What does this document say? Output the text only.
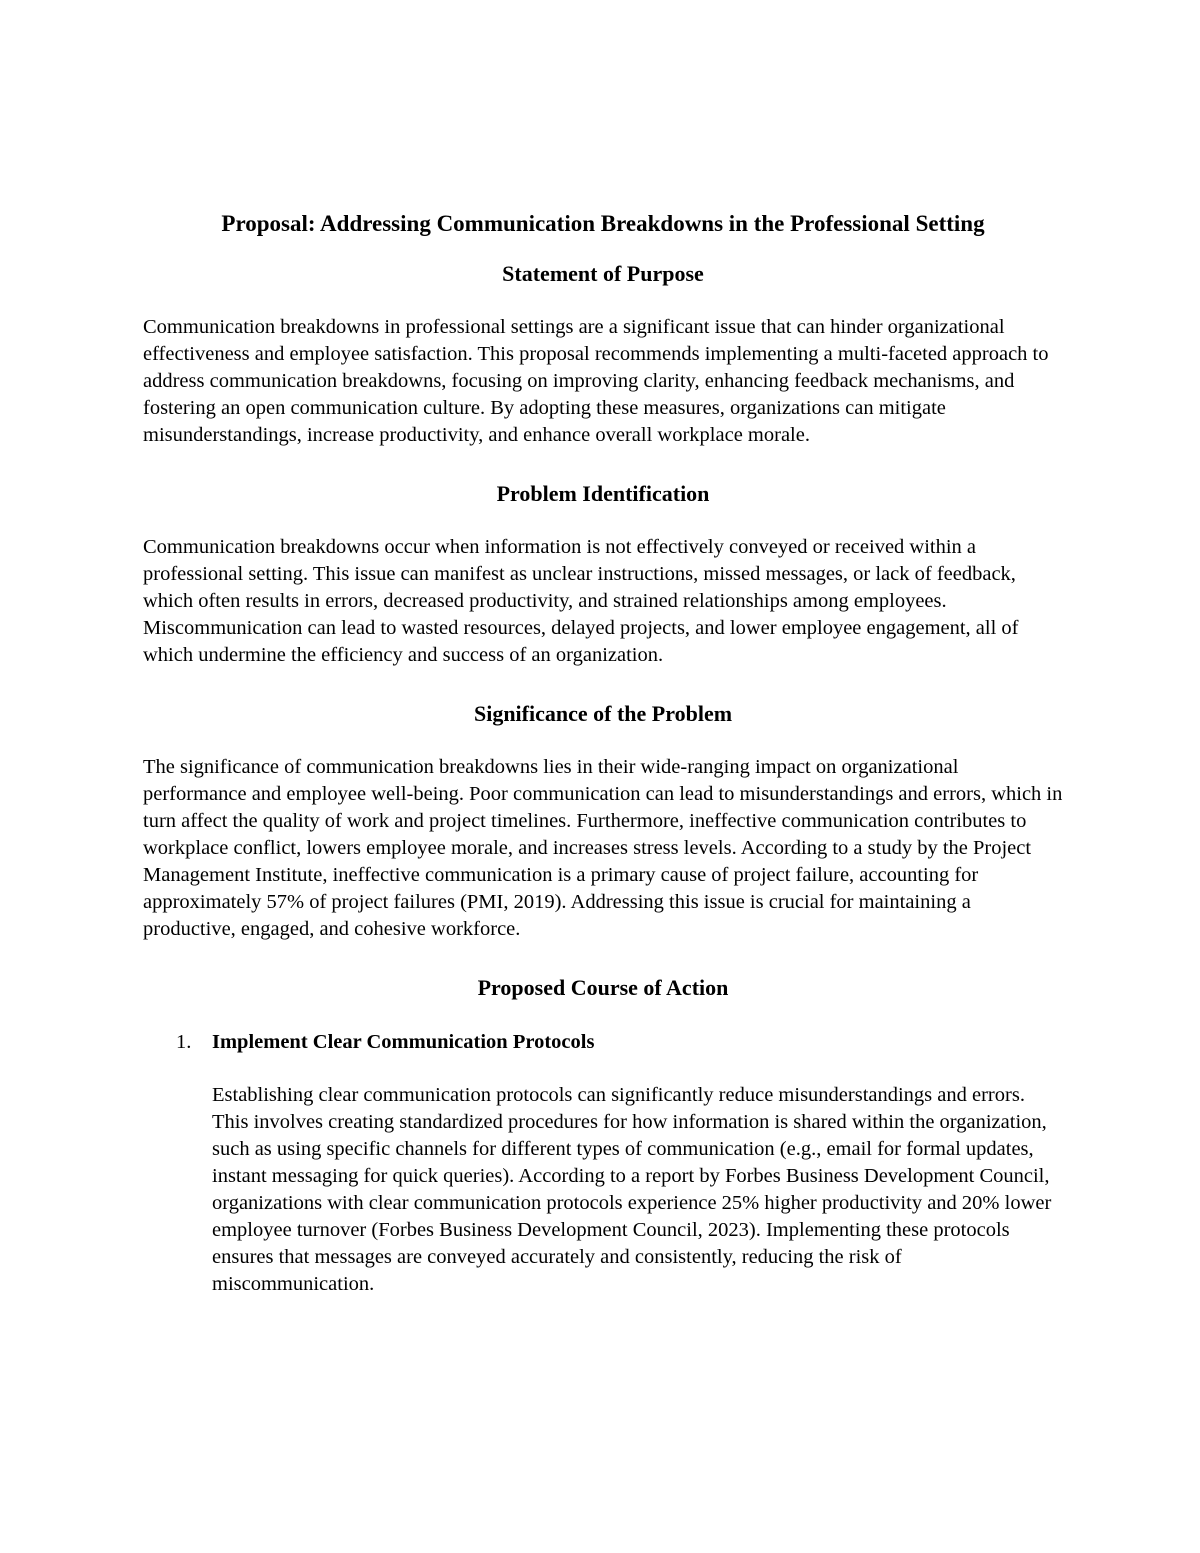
Proposal: Addressing Communication Breakdowns in the Professional Setting
Statement of Purpose

Communication breakdowns in professional settings are a significant issue that can hinder organizational effectiveness and employee satisfaction. This proposal recommends implementing a multi-faceted approach to address communication breakdowns, focusing on improving clarity, enhancing feedback mechanisms, and fostering an open communication culture. By adopting these measures, organizations can mitigate misunderstandings, increase productivity, and enhance overall workplace morale.

Problem Identification

Communication breakdowns occur when information is not effectively conveyed or received within a professional setting. This issue can manifest as unclear instructions, missed messages, or lack of feedback, which often results in errors, decreased productivity, and strained relationships among employees. Miscommunication can lead to wasted resources, delayed projects, and lower employee engagement, all of which undermine the efficiency and success of an organization.

Significance of the Problem

The significance of communication breakdowns lies in their wide-ranging impact on organizational performance and employee well-being. Poor communication can lead to misunderstandings and errors, which in turn affect the quality of work and project timelines. Furthermore, ineffective communication contributes to workplace conflict, lowers employee morale, and increases stress levels. According to a study by the Project Management Institute, ineffective communication is a primary cause of project failure, accounting for approximately 57% of project failures (PMI, 2019). Addressing this issue is crucial for maintaining a productive, engaged, and cohesive workforce.

Proposed Course of Action
1. Implement Clear Communication Protocols

Establishing clear communication protocols can significantly reduce misunderstandings and errors. This involves creating standardized procedures for how information is shared within the organization, such as using specific channels for different types of communication (e.g., email for formal updates, instant messaging for quick queries). According to a report by Forbes Business Development Council, organizations with clear communication protocols experience 25% higher productivity and 20% lower employee turnover (Forbes Business Development Council, 2023). Implementing these protocols ensures that messages are conveyed accurately and consistently, reducing the risk of miscommunication.
